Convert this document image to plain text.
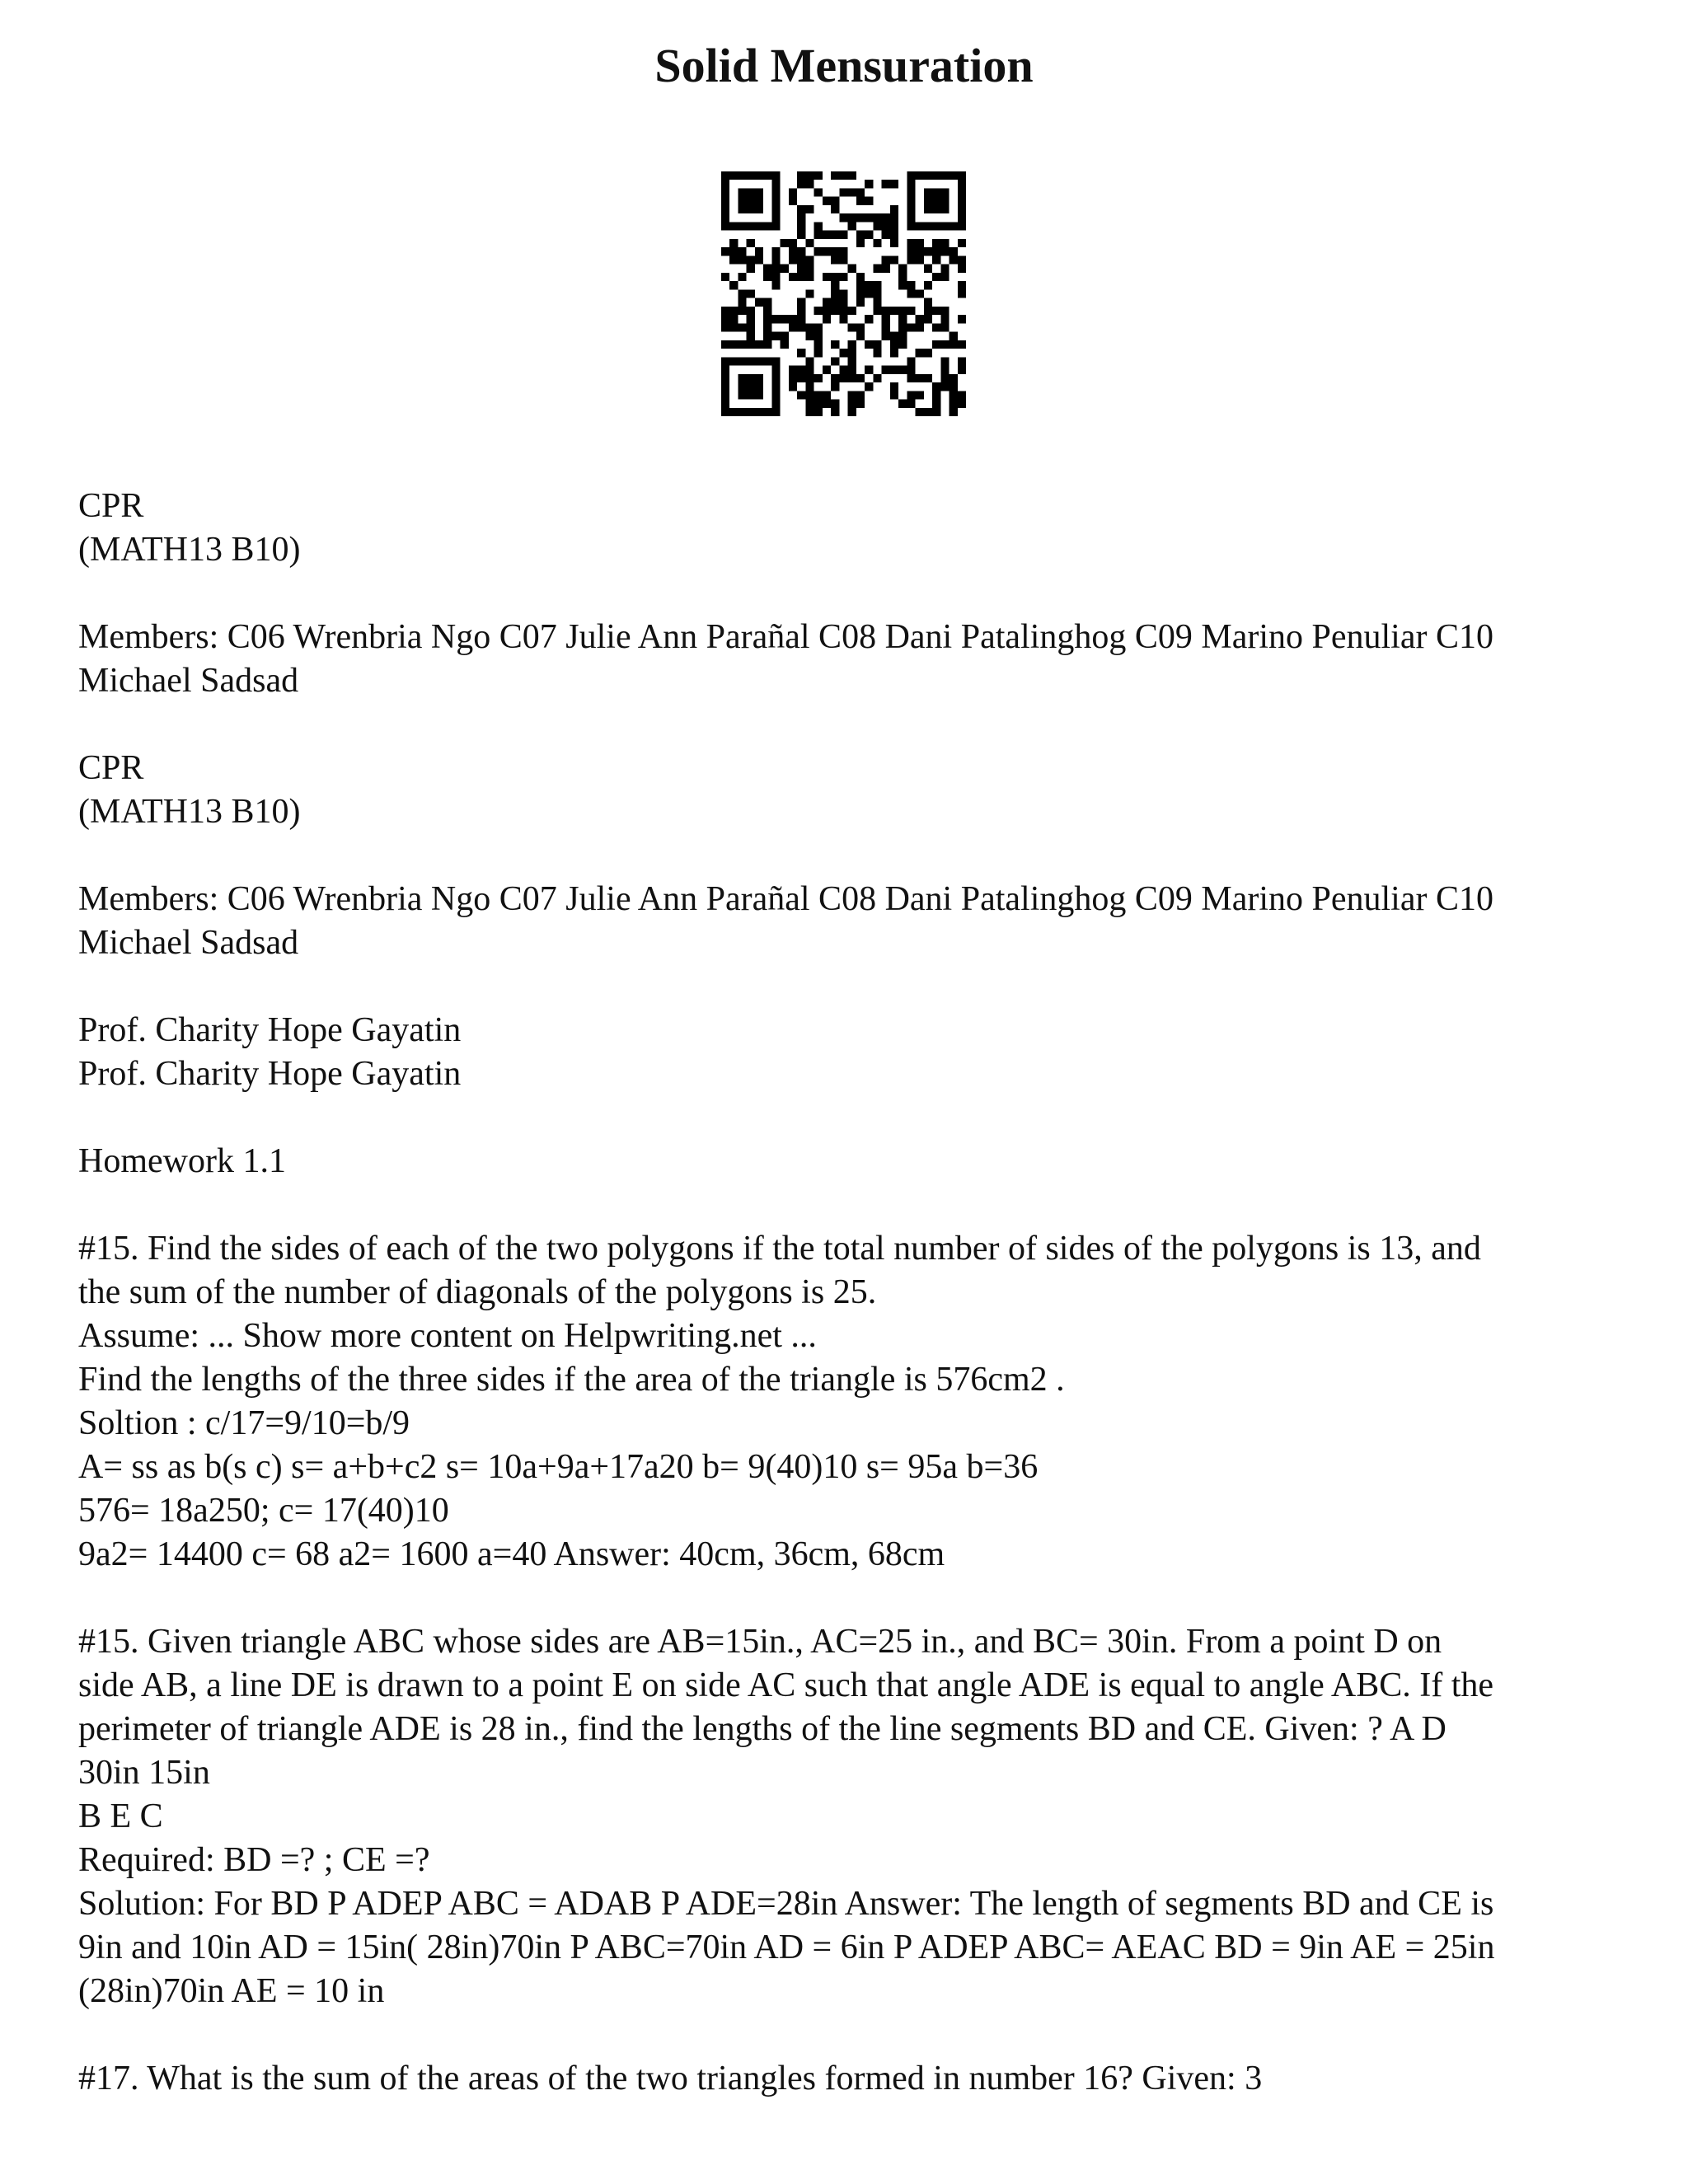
Solid Mensuration
CPR
(MATH13 B10)
Members: C06 Wrenbria Ngo C07 Julie Ann Parañal C08 Dani Patalinghog C09 Marino Penuliar C10
Michael Sadsad
CPR
(MATH13 B10)
Members: C06 Wrenbria Ngo C07 Julie Ann Parañal C08 Dani Patalinghog C09 Marino Penuliar C10
Michael Sadsad
Prof. Charity Hope Gayatin
Prof. Charity Hope Gayatin
Homework 1.1
#15. Find the sides of each of the two polygons if the total number of sides of the polygons is 13, and
the sum of the number of diagonals of the polygons is 25.
Assume: ... Show more content on Helpwriting.net ...
Find the lengths of the three sides if the area of the triangle is 576cm2 .
Soltion : c/17=9/10=b/9
A= ss as b(s c) s= a+b+c2 s= 10a+9a+17a20 b= 9(40)10 s= 95a b=36
576= 18a250; c= 17(40)10
9a2= 14400 c= 68 a2= 1600 a=40 Answer: 40cm, 36cm, 68cm
#15. Given triangle ABC whose sides are AB=15in., AC=25 in., and BC= 30in. From a point D on
side AB, a line DE is drawn to a point E on side AC such that angle ADE is equal to angle ABC. If the
perimeter of triangle ADE is 28 in., find the lengths of the line segments BD and CE. Given: ? A D
30in 15in
B E C
Required: BD =? ; CE =?
Solution: For BD P ADEP ABC = ADAB P ADE=28in Answer: The length of segments BD and CE is
9in and 10in AD = 15in( 28in)70in P ABC=70in AD = 6in P ADEP ABC= AEAC BD = 9in AE = 25in
(28in)70in AE = 10 in
#17. What is the sum of the areas of the two triangles formed in number 16? Given: 3
